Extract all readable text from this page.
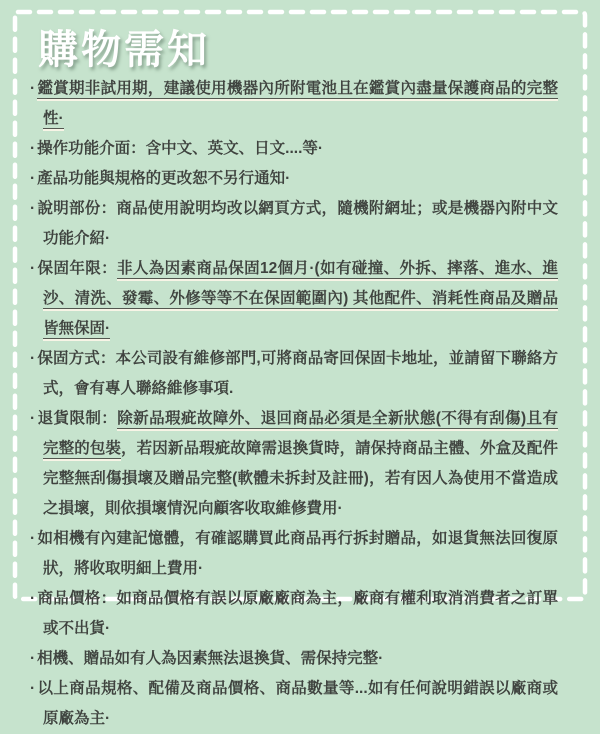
購物需知
· 鑑賞期非試用期，建議使用機器內所附電池且在鑑賞內盡量保護商品的完整性·
· 操作功能介面：含中文、英文、日文....等·
· 產品功能與規格的更改恕不另行通知·
· 說明部份：商品使用說明均改以網頁方式，隨機附網址；或是機器內附中文功能介紹·
· 保固年限：非人為因素商品保固12個月·(如有碰撞、外拆、摔落、進水、進沙、清洗、發霉、外修等等不在保固範圍內) 其他配件、消耗性商品及贈品皆無保固·
· 保固方式：本公司設有維修部門,可將商品寄回保固卡地址，並請留下聯絡方式，會有專人聯絡維修事項.
· 退貨限制：除新品瑕疵故障外、退回商品必須是全新狀態(不得有刮傷)且有完整的包裝，若因新品瑕疵故障需退換貨時，請保持商品主體、外盒及配件完整無刮傷損壞及贈品完整(軟體未拆封及註冊)，若有因人為使用不當造成之損壞，則依損壞情況向顧客收取維修費用·
· 如相機有內建記憶體，有確認購買此商品再行拆封贈品，如退貨無法回復原狀，將收取明細上費用·
· 商品價格：如商品價格有誤以原廠廠商為主，廠商有權利取消消費者之訂單或不出貨·
· 相機、贈品如有人為因素無法退換貨、需保持完整·
· 以上商品規格、配備及商品價格、商品數量等...如有任何說明錯誤以廠商或原廠為主·
